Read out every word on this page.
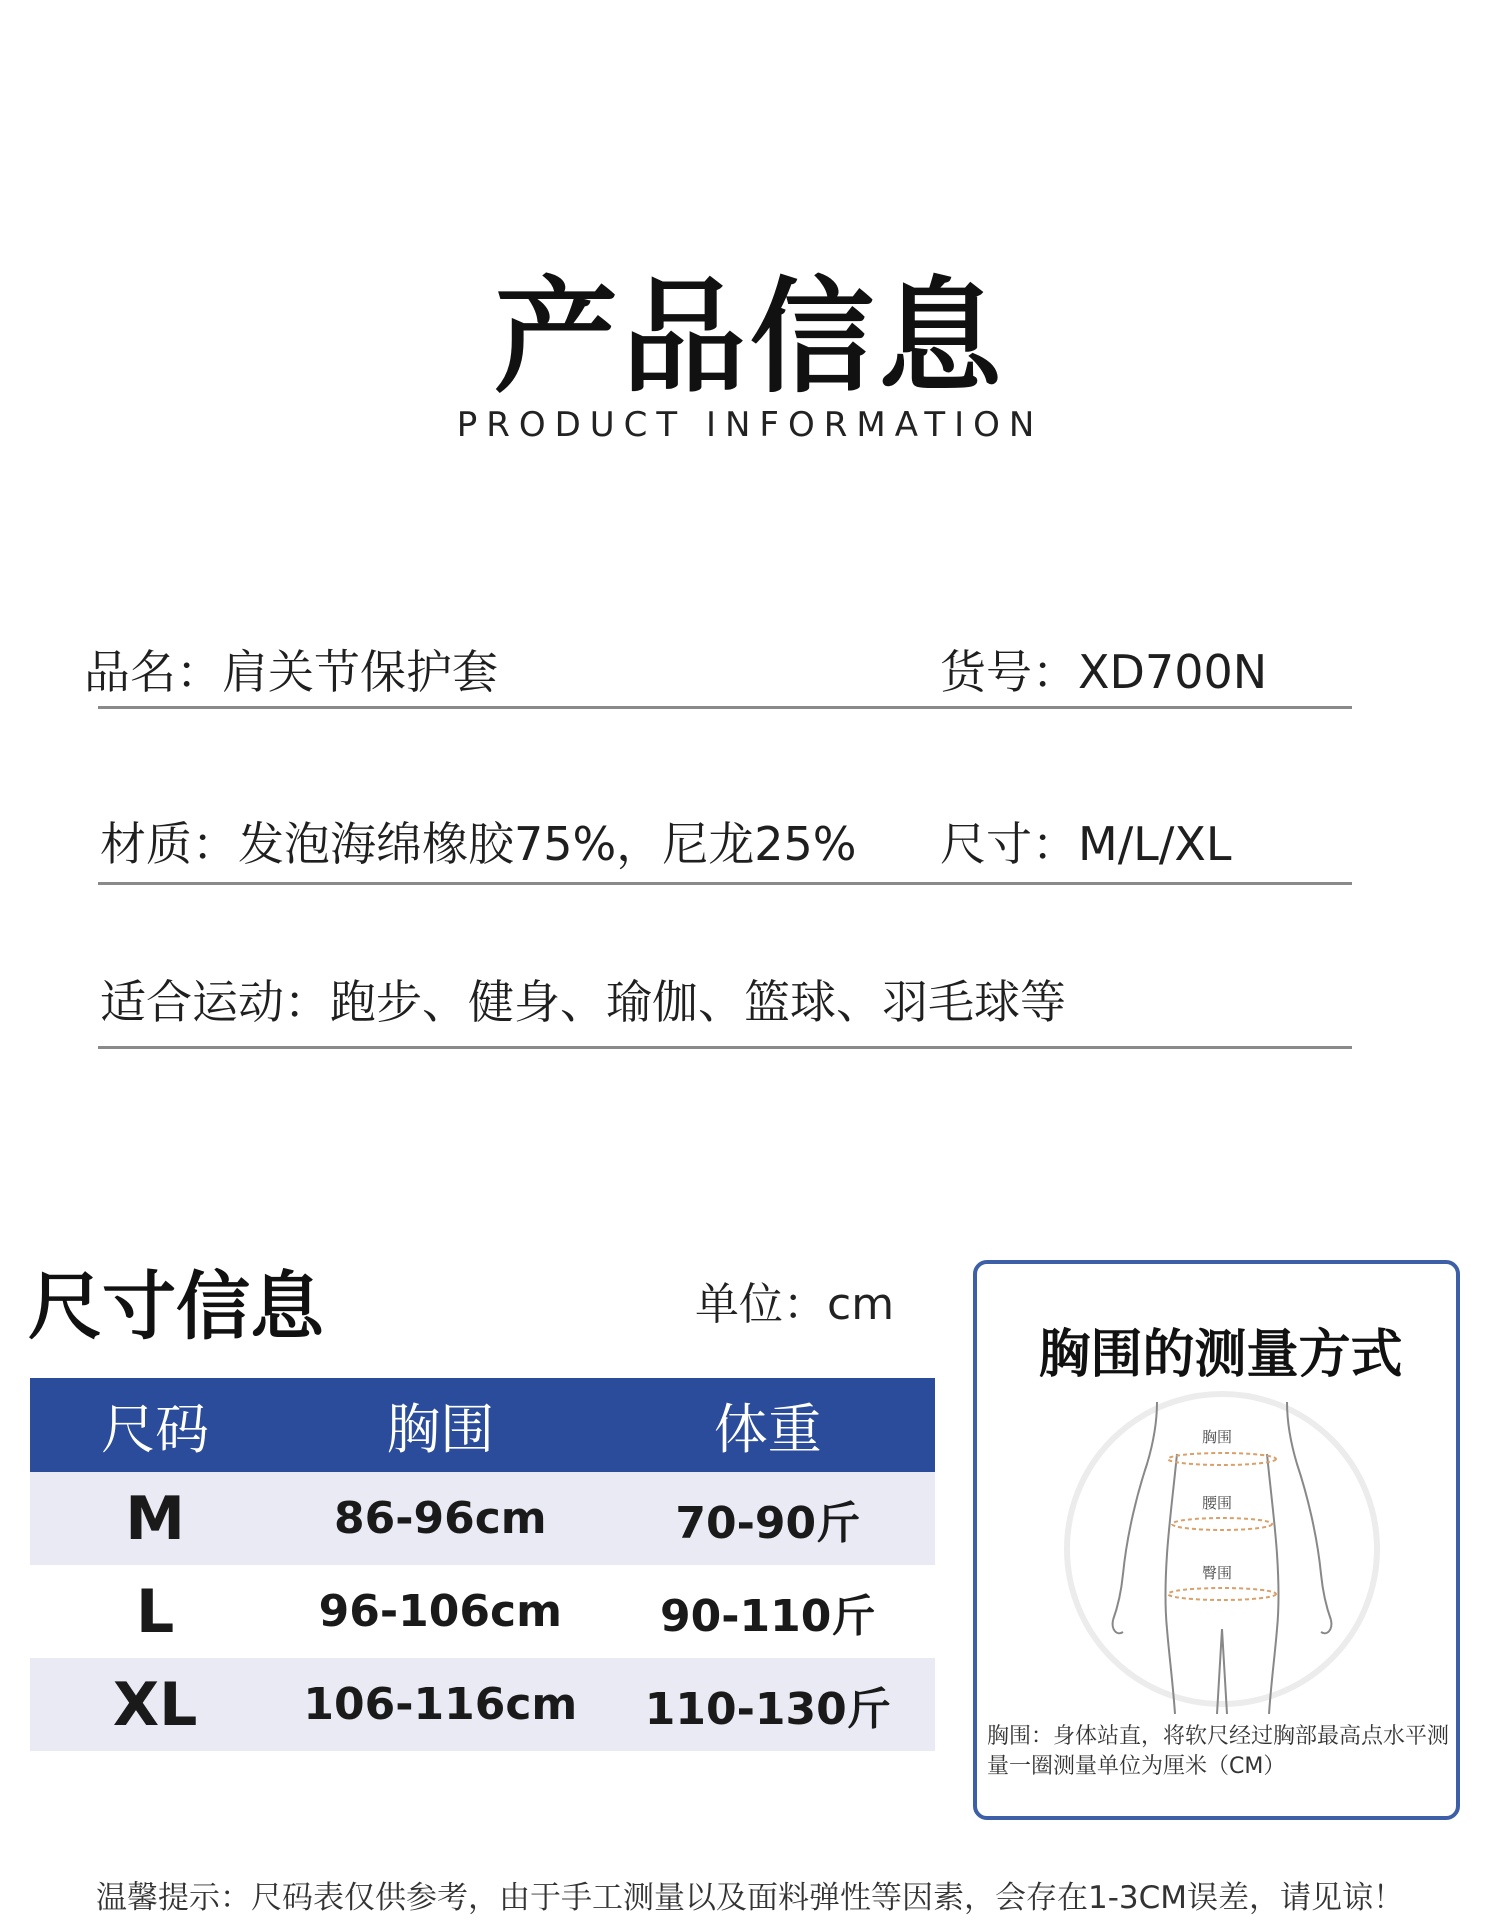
产品信息
PRODUCT INFORMATION
品名：肩关节保护套	货号：XD700N
材质：发泡海绵橡胶75%，尼龙25% 尺寸：M/L/XL
适合运动：跑步、健身、瑜伽、篮球、羽毛球等
尺寸信息	单位：cm
尺码	胸围	体重
M	86-96cm	70-90斤
L	96-106cm	90-110斤
XL	106-116cm	110-130斤
胸围的测量方式
胸围
腰围
臀围
胸围：身体站直，将软尺经过胸部最高点水平测量一圈测量单位为厘米（CM）
温馨提示：尺码表仅供参考，由于手工测量以及面料弹性等因素，会存在1-3CM误差，请见谅！
